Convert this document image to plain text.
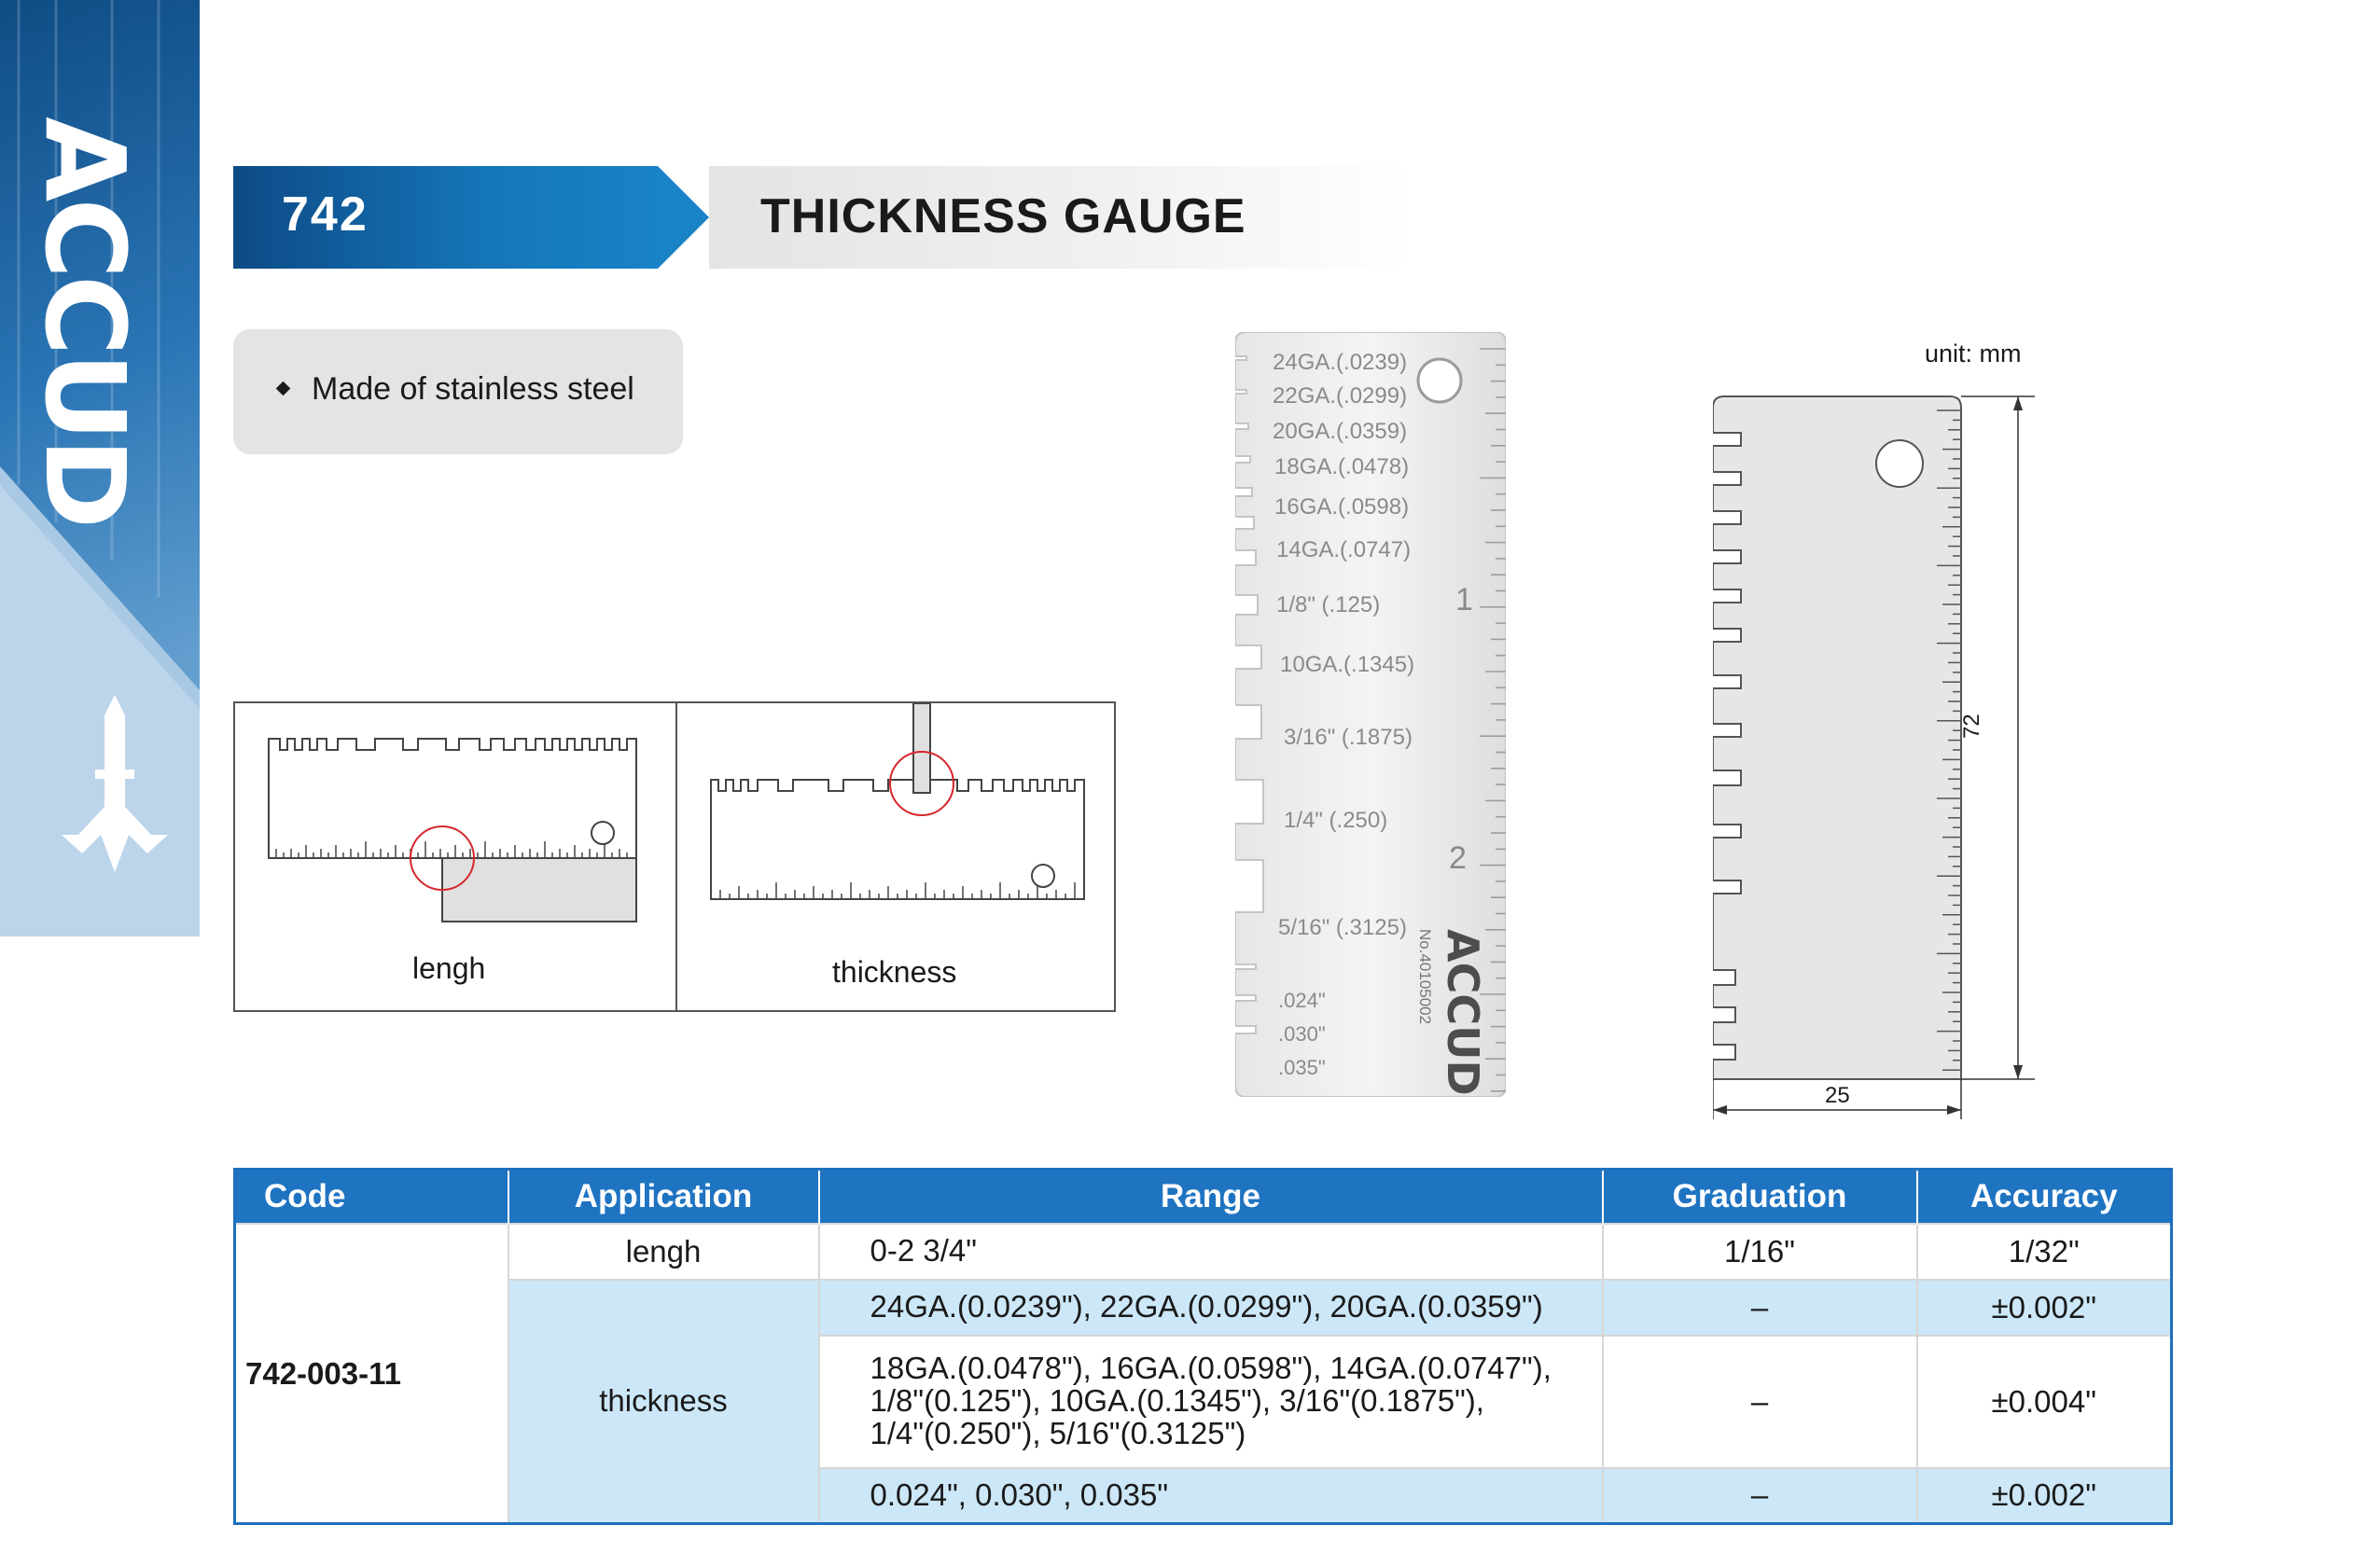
ACCUD	742	THICKNESS GAUGE
Made of stainless steel
lengh	thickness
24GA.(.0239)
22GA.(.0299)
20GA.(.0359)
18GA.(.0478)
16GA.(.0598)
14GA.(.0747)
1/8" (.125)
10GA.(.1345)
3/16" (.1875)
1/4" (.250)
5/16" (.3125)
.024"
.030"
.035"
1
2
ACCUD
No.40105002
unit: mm
72
25
Code	Application	Range	Graduation	Accuracy
742-003-11	lengh	0-2 3/4"	1/16"	1/32"
	thickness	24GA.(0.0239"), 22GA.(0.0299"), 20GA.(0.0359")	–	±0.002"

		18GA.(0.0478"), 16GA.(0.0598"), 14GA.(0.0747"),
1/8"(0.125"), 10GA.(0.1345"), 3/16"(0.1875"),
1/4"(0.250"), 5/16"(0.3125")	–	±0.004"

		0.024", 0.030", 0.035"	–	±0.002"
